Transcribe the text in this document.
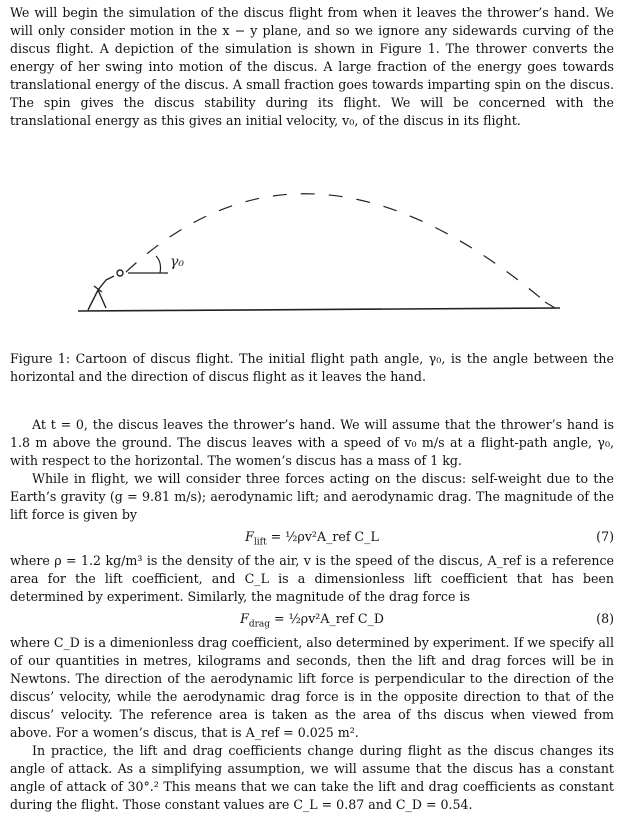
We will begin the simulation of the discus flight from when it leaves the thrower’s hand. We will only consider motion in the x − y plane, and so we ignore any sidewards curving of the discus flight. A depiction of the simulation is shown in Figure 1. The thrower converts the energy of her swing into motion of the discus. A large fraction of the energy goes towards translational energy of the discus. A small fraction goes towards imparting spin on the discus. The spin gives the discus stability during its flight. We will be concerned with the translational energy as this gives an initial velocity, v₀, of the discus in its flight.

γ₀

Figure 1: Cartoon of discus flight. The initial flight path angle, γ₀, is the angle between the horizontal and the direction of discus flight as it leaves the hand.

At t = 0, the discus leaves the thrower’s hand. We will assume that the thrower’s hand is 1.8 m above the ground. The discus leaves with a speed of v₀ m/s at a flight-path angle, γ₀, with respect to the horizontal. The women’s discus has a mass of 1 kg.

While in flight, we will consider three forces acting on the discus: self-weight due to the Earth’s gravity (g = 9.81 m/s); aerodynamic lift; and aerodynamic drag. The magnitude of the lift force is given by

$F_{lift}$ = ½ρv²A_ref C_L	(7)

where ρ = 1.2 kg/m³ is the density of the air, v is the speed of the discus, A_ref is a reference area for the lift coefficient, and C_L is a dimensionless lift coefficient that has been determined by experiment. Similarly, the magnitude of the drag force is

$F_{drag}$ = ½ρv²A_ref C_D	(8)

where C_D is a dimenionless drag coefficient, also determined by experiment. If we specify all of our quantities in metres, kilograms and seconds, then the lift and drag forces will be in Newtons. The direction of the aerodynamic lift force is perpendicular to the direction of the discus’ velocity, while the aerodynamic drag force is in the opposite direction to that of the discus’ velocity. The reference area is taken as the area of ths discus when viewed from above. For a women’s discus, that is A_ref = 0.025 m².

In practice, the lift and drag coefficients change during flight as the discus changes its angle of attack. As a simplifying assumption, we will assume that the discus has a constant angle of attack of 30°.² This means that we can take the lift and drag coefficients as constant during the flight. Those constant values are C_L = 0.87 and C_D = 0.54.
